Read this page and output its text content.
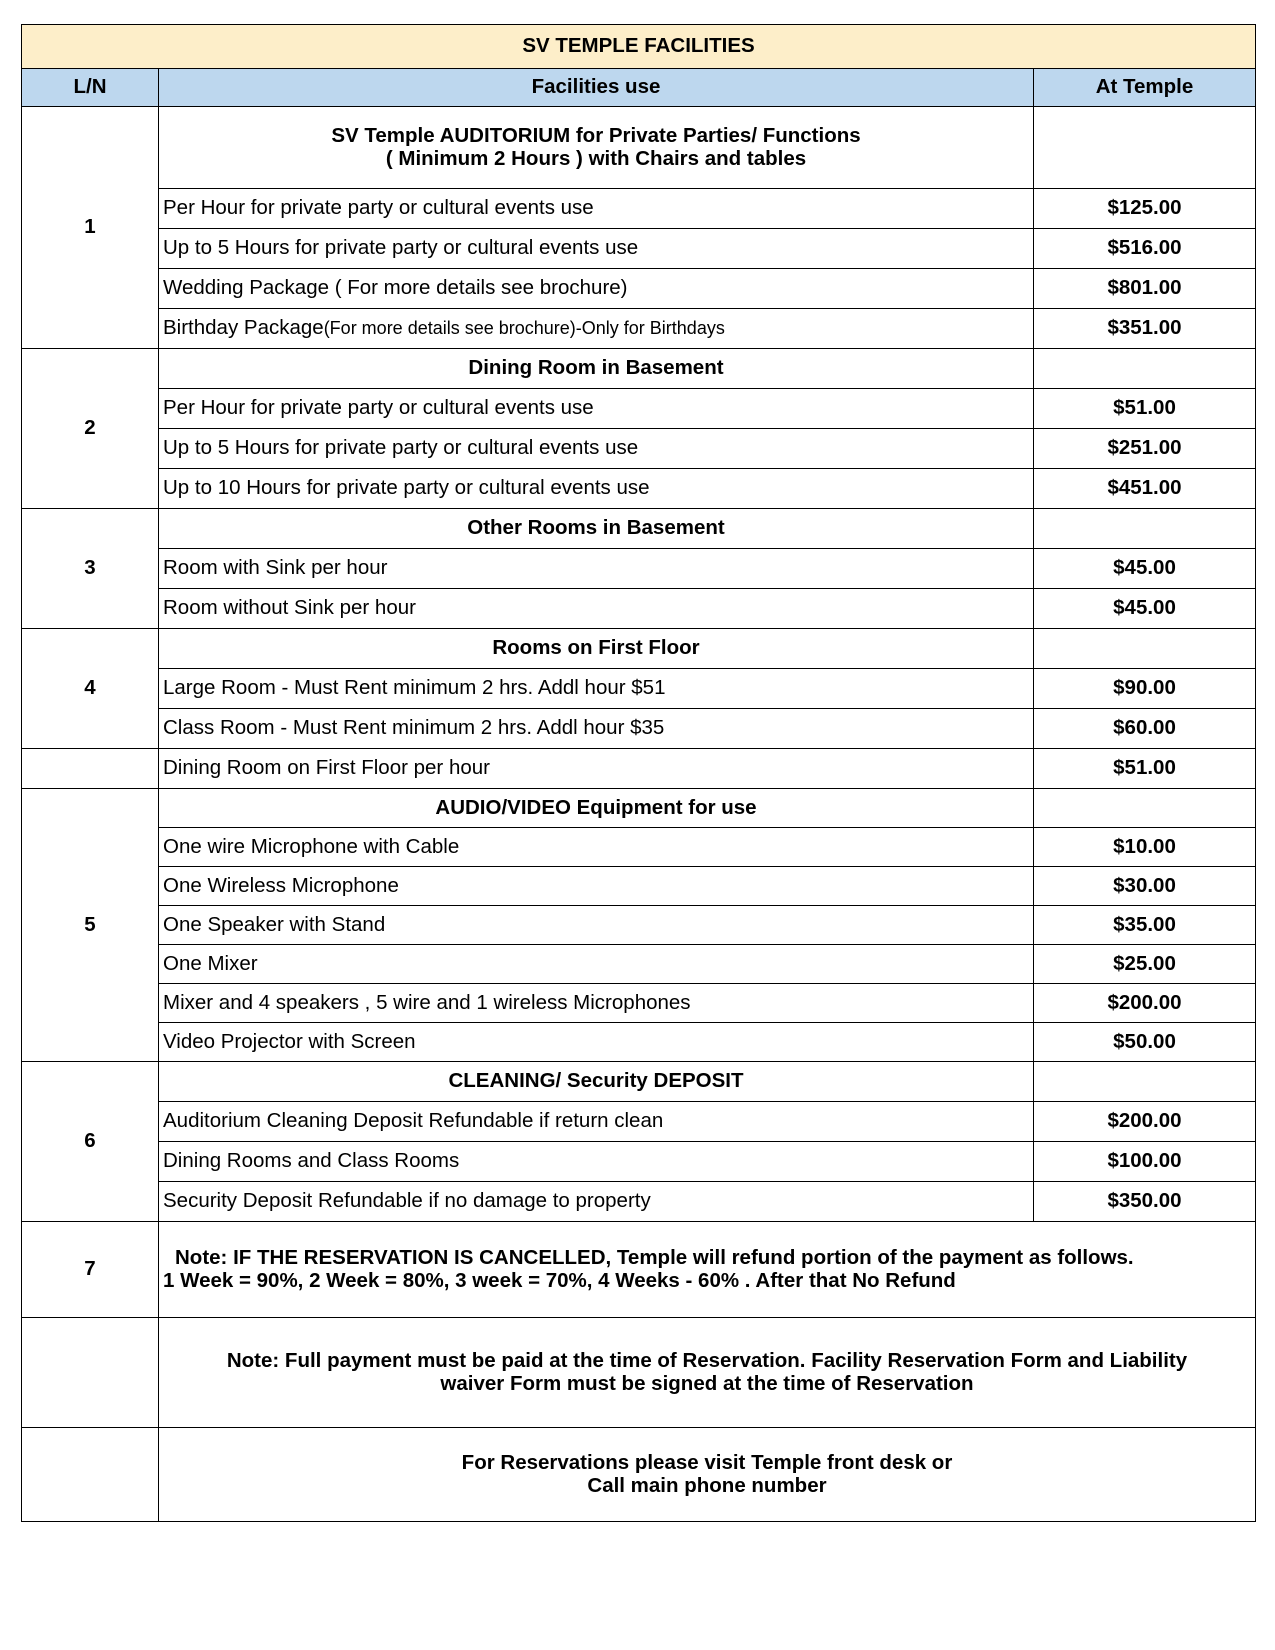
SV TEMPLE FACILITIES		
L/N	Facilities use	At Temple
1	SV Temple AUDITORIUM for Private Parties/ Functions
( Minimum 2 Hours ) with Chairs and tables	
	Per Hour for private party or cultural events use	$125.00
	Up to 5 Hours for private party or cultural events use	$516.00
	Wedding Package ( For more details see brochure)	$801.00
	Birthday Package(For more details see brochure)-Only for Birthdays	$351.00
2	Dining Room in Basement	
	Per Hour for private party or cultural events use	$51.00
	Up to 5 Hours for private party or cultural events use	$251.00
	Up to 10 Hours for private party or cultural events use	$451.00
3	Other Rooms in Basement	
	Room with Sink per hour	$45.00
	Room without Sink per hour	$45.00
4	Rooms on First Floor	
	Large Room - Must Rent minimum 2 hrs. Addl hour $51	$90.00
	Class Room - Must Rent minimum 2 hrs. Addl hour $35	$60.00
	Dining Room on First Floor per hour	$51.00
5	AUDIO/VIDEO Equipment for use	
	One wire Microphone with Cable	$10.00
	One Wireless Microphone	$30.00
	One Speaker with Stand	$35.00
	One Mixer	$25.00
	Mixer and 4 speakers , 5 wire and 1 wireless Microphones	$200.00
	Video Projector with Screen	$50.00
6	CLEANING/ Security DEPOSIT	
	Auditorium Cleaning Deposit Refundable if return clean	$200.00
	Dining Rooms and Class Rooms	$100.00
	Security Deposit Refundable if no damage to property	$350.00
7	Note: IF THE RESERVATION IS CANCELLED, Temple will refund portion of the payment as follows.
1 Week = 90%, 2 Week = 80%, 3 week = 70%, 4 Weeks - 60% . After that No Refund	

	Note: Full payment must be paid at the time of Reservation. Facility Reservation Form and Liability
waiver Form must be signed at the time of Reservation	
	For Reservations please visit Temple front desk or
Call main phone number	
